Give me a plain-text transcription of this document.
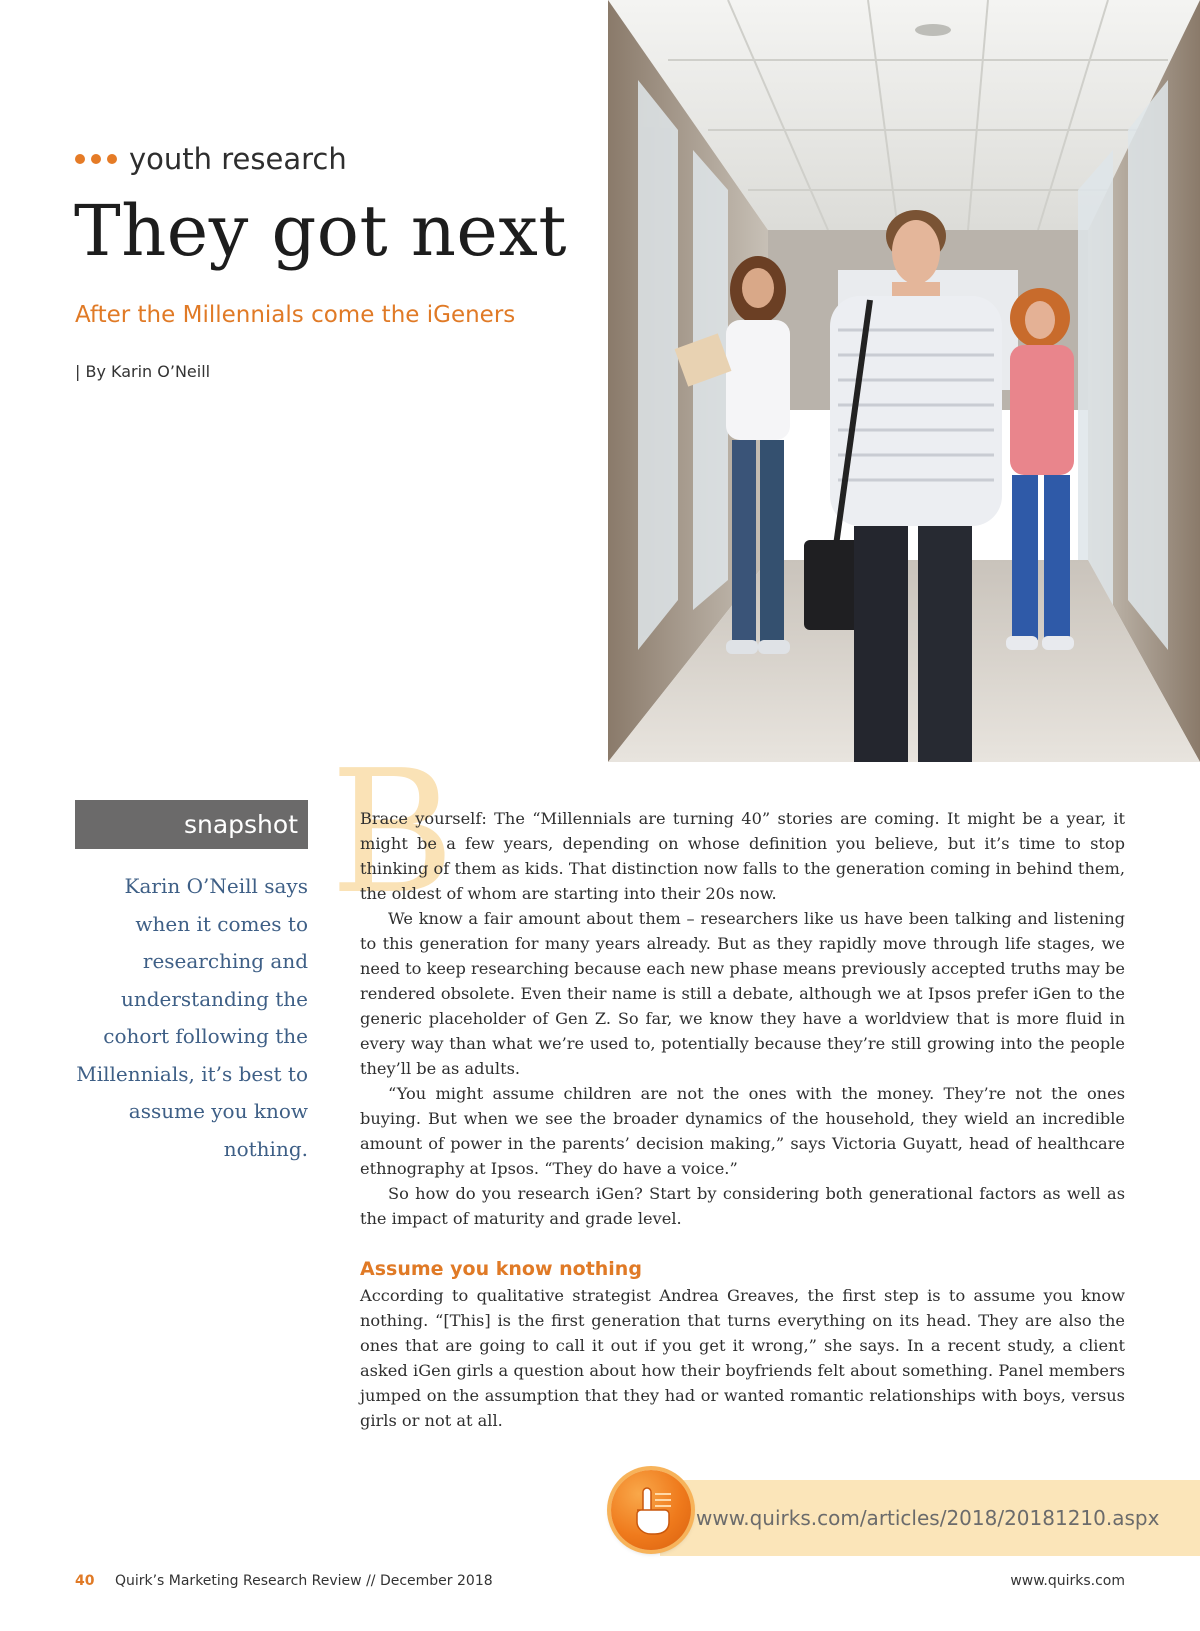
youth research
They got next
After the Millennials come the iGeners
| By Karin O’Neill
snapshot

Karin O’Neill says when it comes to researching and understanding the cohort following the Millennials, it’s best to assume you know nothing.

B

Brace yourself: The “Millennials are turning 40” stories are coming. It might be a year, it might be a few years, depending on whose definition you believe, but it’s time to stop thinking of them as kids. That distinction now falls to the generation coming in behind them, the oldest of whom are starting into their 20s now.

We know a fair amount about them – researchers like us have been talking and listening to this generation for many years already. But as they rapidly move through life stages, we need to keep researching because each new phase means previously accepted truths may be rendered obsolete. Even their name is still a debate, although we at Ipsos prefer iGen to the generic placeholder of Gen Z. So far, we know they have a worldview that is more fluid in every way than what we’re used to, potentially because they’re still growing into the people they’ll be as adults.

“You might assume children are not the ones with the money. They’re not the ones buying. But when we see the broader dynamics of the household, they wield an incredible amount of power in the parents’ decision making,” says Victoria Guyatt, head of healthcare ethnography at Ipsos. “They do have a voice.”

So how do you research iGen? Start by considering both generational factors as well as the impact of maturity and grade level.

Assume you know nothing

According to qualitative strategist Andrea Greaves, the first step is to assume you know nothing. “[This] is the first generation that turns everything on its head. They are also the ones that are going to call it out if you get it wrong,” she says. In a recent study, a client asked iGen girls a question about how their boyfriends felt about something. Panel members jumped on the assumption that they had or wanted romantic relationships with boys, versus girls or not at all.

www.quirks.com/articles/2018/20181210.aspx
40 Quirk’s Marketing Research Review // December 2018	www.quirks.com
